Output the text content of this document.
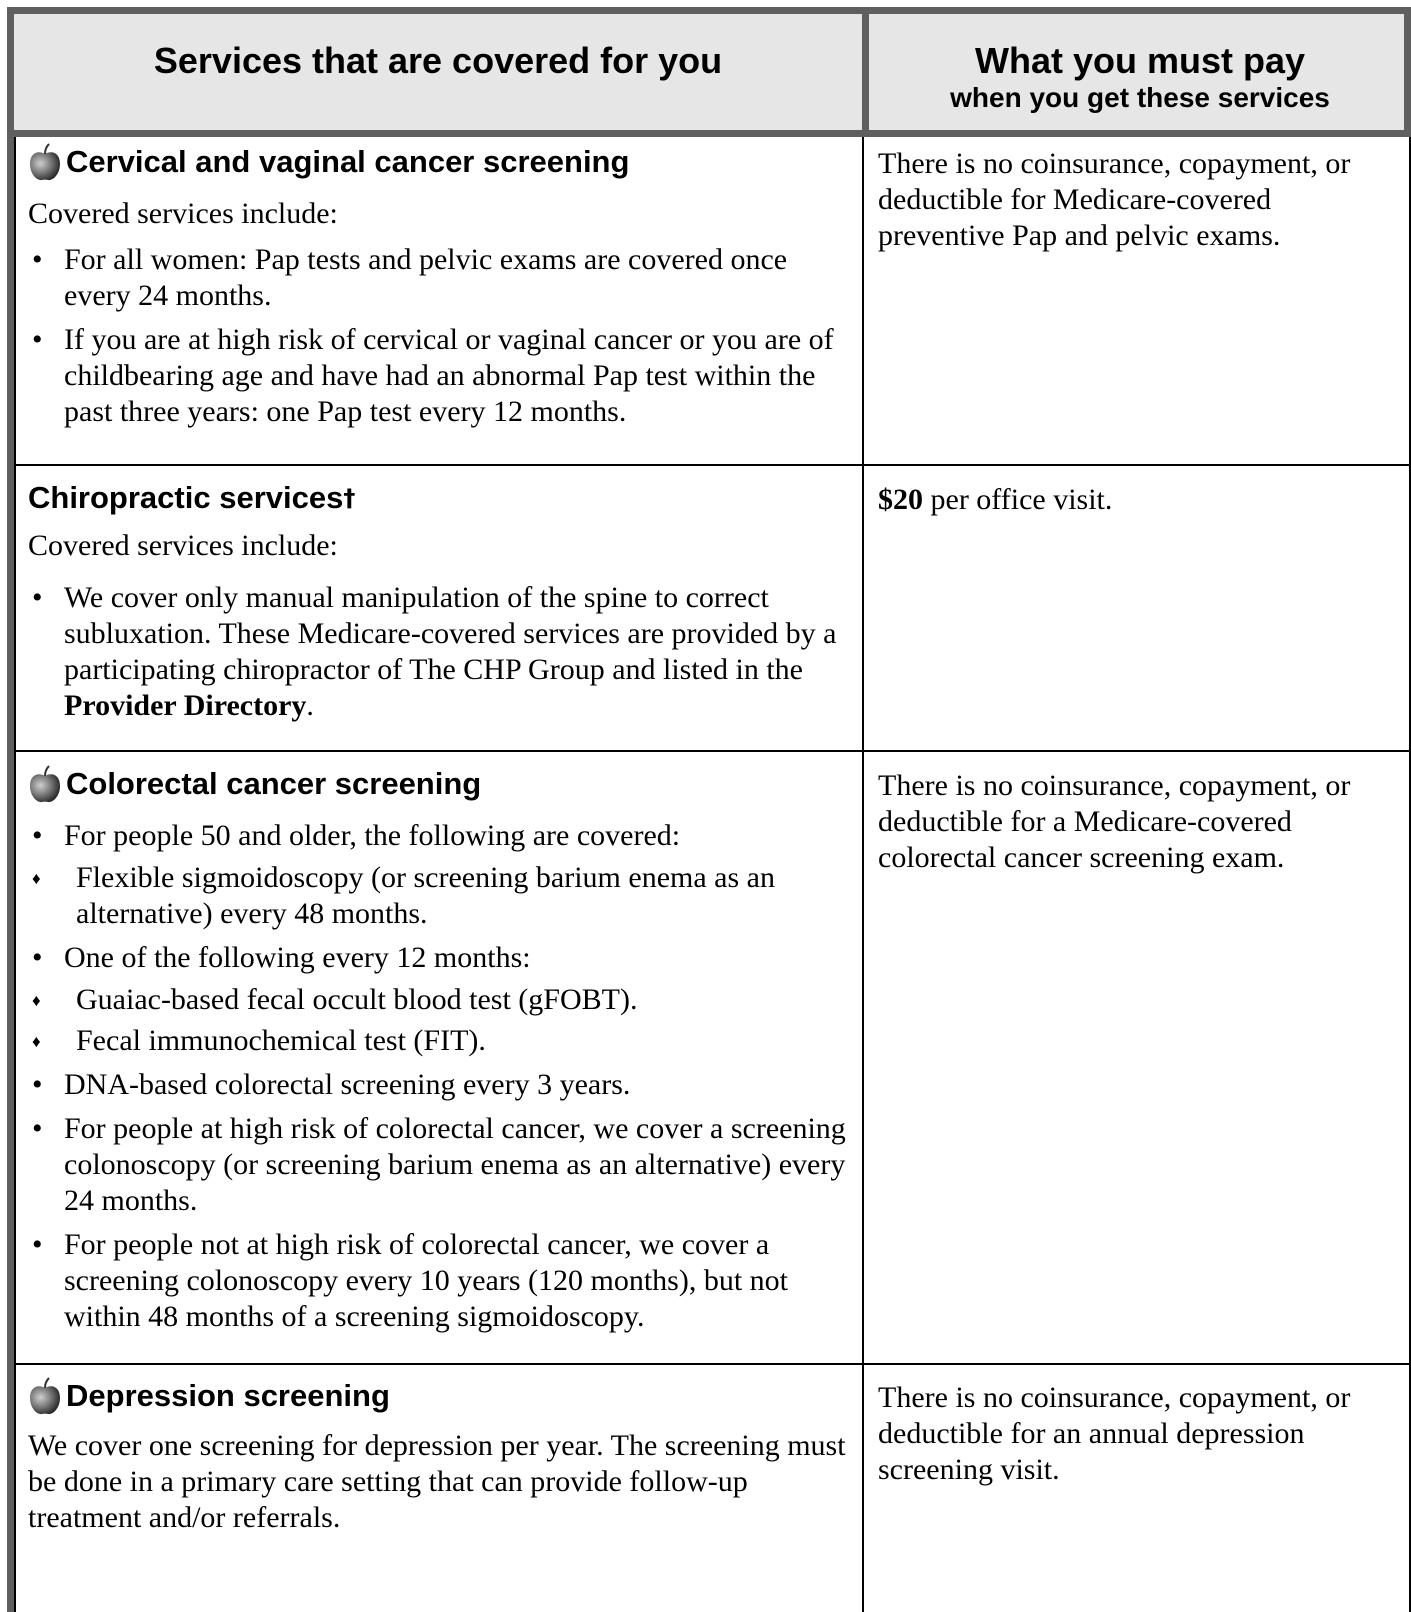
Services that are covered for you	What you must pay
when you get these services
Cervical and vaginal cancer screening
Covered services include:
• For all women: Pap tests and pelvic exams are covered once every 24 months.
• If you are at high risk of cervical or vaginal cancer or you are of childbearing age and have had an abnormal Pap test within the past three years: one Pap test every 12 months.
There is no coinsurance, copayment, or deductible for Medicare-covered preventive Pap and pelvic exams.
Chiropractic services †
Covered services include:
• We cover only manual manipulation of the spine to correct subluxation. These Medicare-covered services are provided by a participating chiropractor of The CHP Group and listed in the Provider Directory.
$20 per office visit.
Colorectal cancer screening
• For people 50 and older, the following are covered:
♦ Flexible sigmoidoscopy (or screening barium enema as an alternative) every 48 months.
• One of the following every 12 months:
♦ Guaiac-based fecal occult blood test (gFOBT).
♦ Fecal immunochemical test (FIT).
• DNA-based colorectal screening every 3 years.
• For people at high risk of colorectal cancer, we cover a screening colonoscopy (or screening barium enema as an alternative) every 24 months.
• For people not at high risk of colorectal cancer, we cover a screening colonoscopy every 10 years (120 months), but not within 48 months of a screening sigmoidoscopy.
There is no coinsurance, copayment, or deductible for a Medicare-covered colorectal cancer screening exam.
Depression screening
We cover one screening for depression per year. The screening must be done in a primary care setting that can provide follow-up treatment and/or referrals.
There is no coinsurance, copayment, or deductible for an annual depression screening visit.
